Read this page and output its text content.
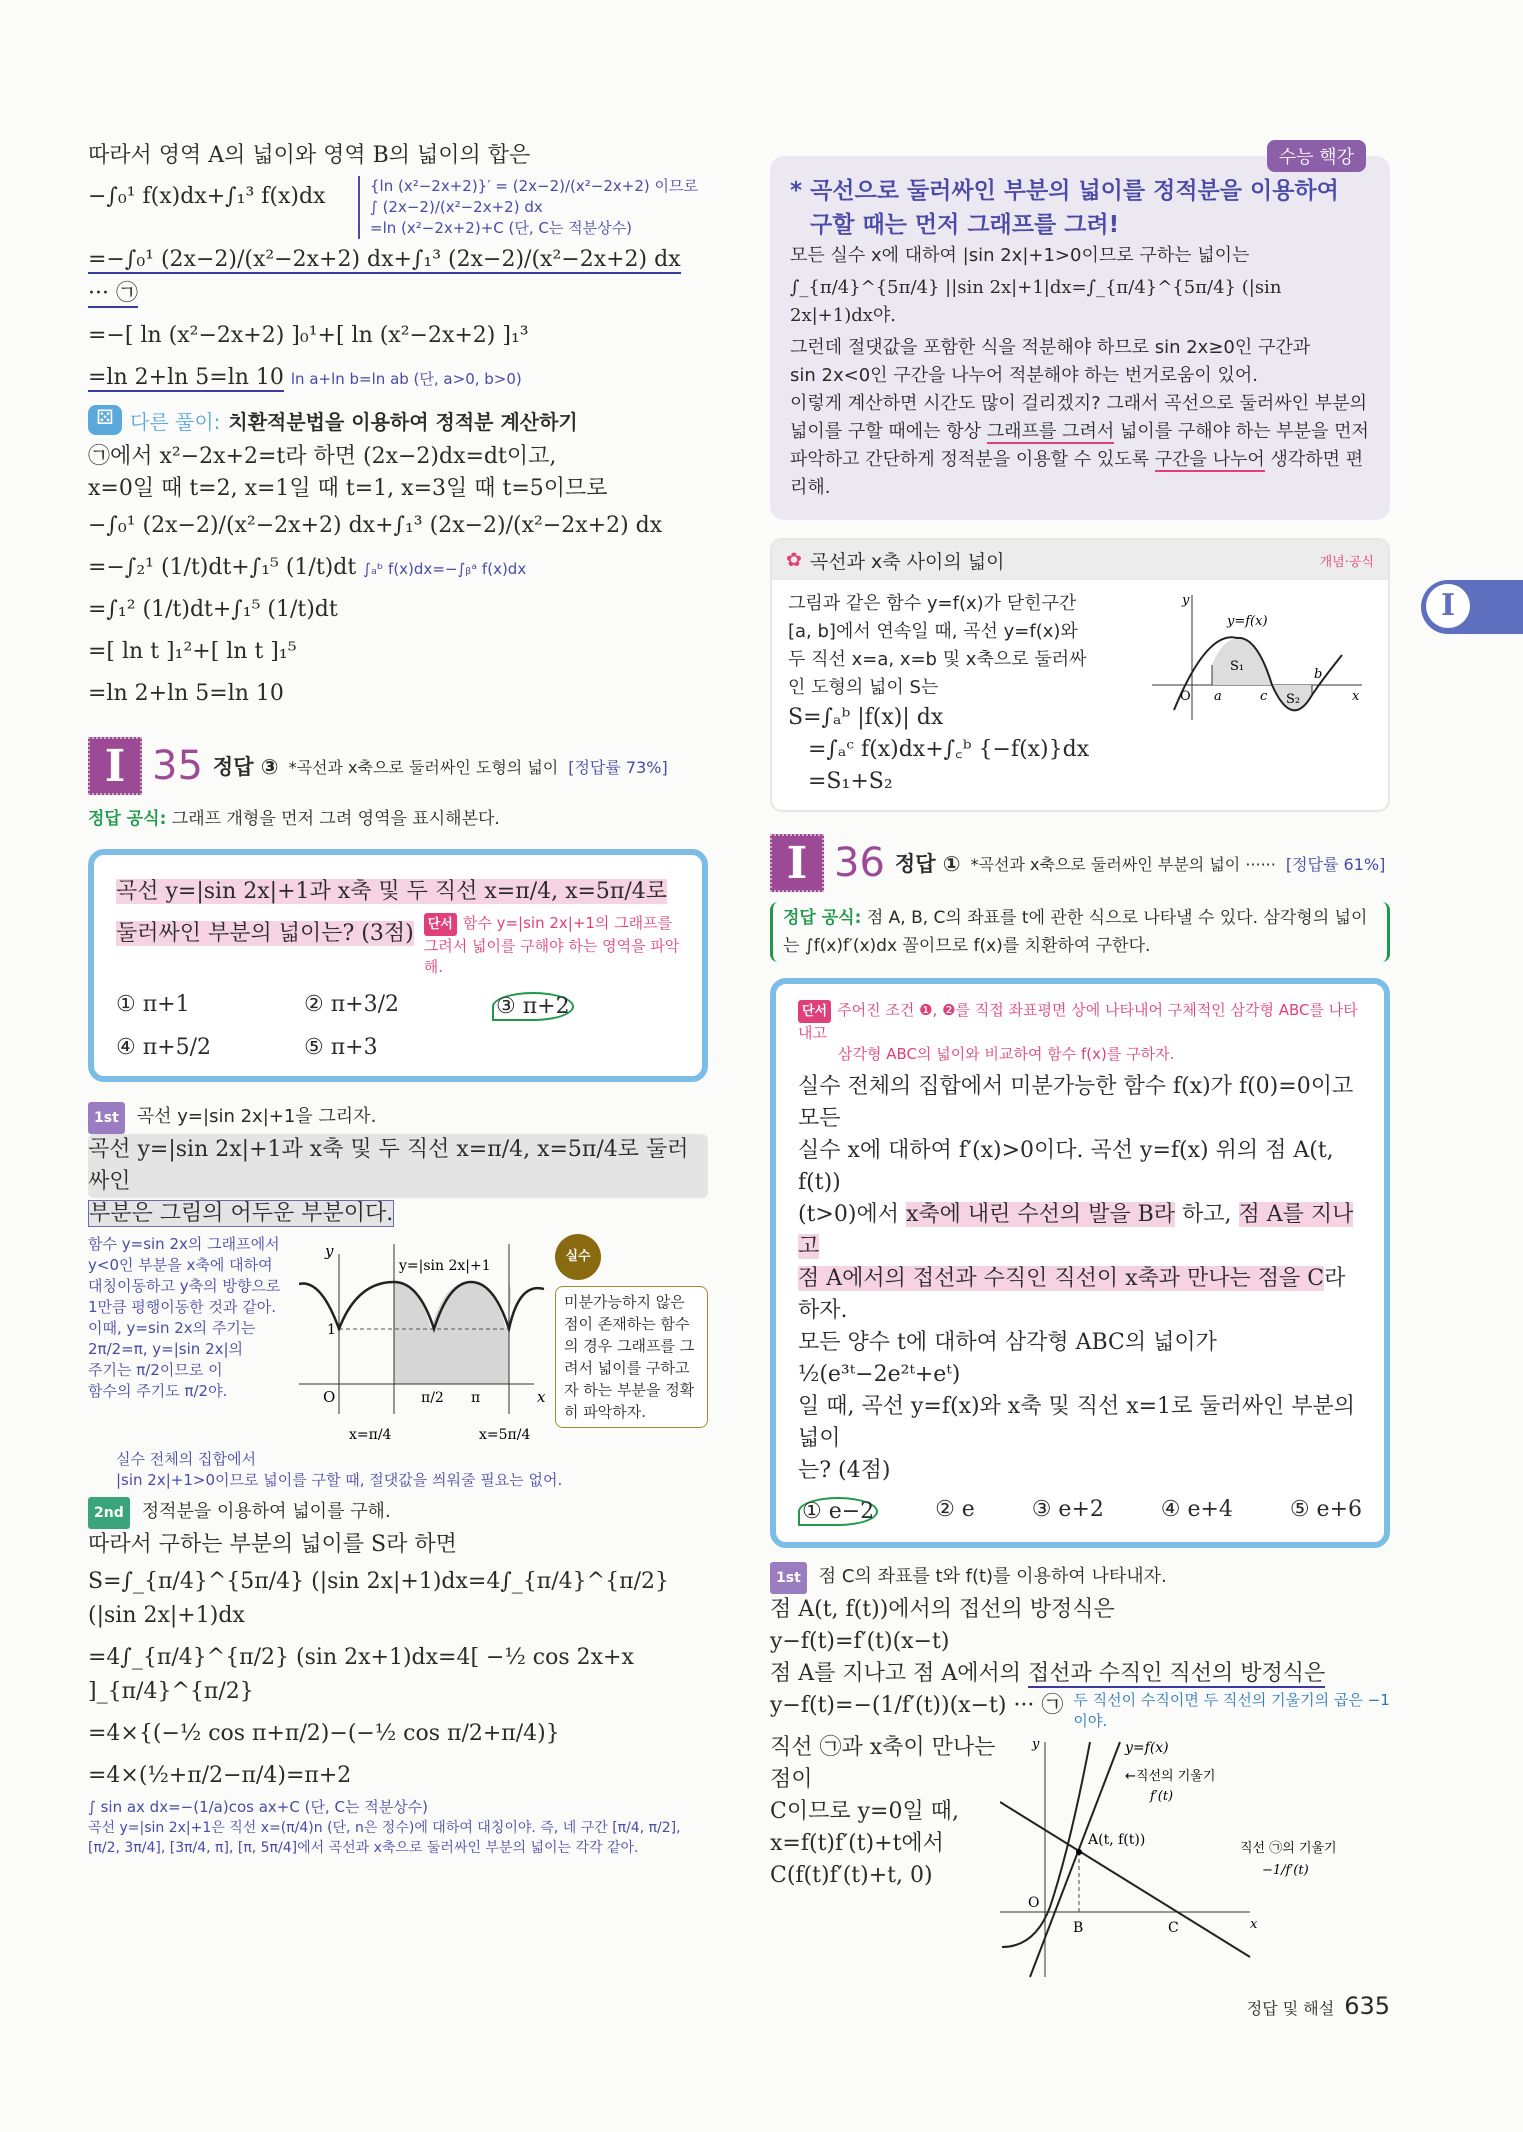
따라서 영역 A의 넓이와 영역 B의 넓이의 합은
−∫₀¹ f(x)dx+∫₁³ f(x)dx	{ln (x²−2x+2)}′ = (2x−2)/(x²−2x+2) 이므로
∫ (2x−2)/(x²−2x+2) dx
=ln (x²−2x+2)+C (단, C는 적분상수)
=−∫₀¹ (2x−2)/(x²−2x+2) dx+∫₁³ (2x−2)/(x²−2x+2) dx ··· ㉠
=−[ ln (x²−2x+2) ]₀¹+[ ln (x²−2x+2) ]₁³
=ln 2+ln 5=ln 10 ln a+ln b=ln ab (단, a>0, b>0)
⚄ 다른 풀이: 치환적분법을 이용하여 정적분 계산하기
㉠에서 x²−2x+2=t라 하면 (2x−2)dx=dt이고,
x=0일 때 t=2, x=1일 때 t=1, x=3일 때 t=5이므로
−∫₀¹ (2x−2)/(x²−2x+2) dx+∫₁³ (2x−2)/(x²−2x+2) dx
=−∫₂¹ (1/t)dt+∫₁⁵ (1/t)dt ∫ₐᵇ f(x)dx=−∫ᵦᵃ f(x)dx
=∫₁² (1/t)dt+∫₁⁵ (1/t)dt
=[ ln t ]₁²+[ ln t ]₁⁵
=ln 2+ln 5=ln 10
I 35 정답 ③ *곡선과 x축으로 둘러싸인 도형의 넓이 [정답률 73%]
정답 공식: 그래프 개형을 먼저 그려 영역을 표시해본다.
곡선 y=|sin 2x|+1과 x축 및 두 직선 x=π/4, x=5π/4로
둘러싸인 부분의 넓이는? (3점)	단서 함수 y=|sin 2x|+1의 그래프를 그려서 넓이를 구해야 하는 영역을 파악해.
① π+1	② π+3/2	③ π+2
④ π+5/2	⑤ π+3
1st 곡선 y=|sin 2x|+1을 그리자.
곡선 y=|sin 2x|+1과 x축 및 두 직선 x=π/4, x=5π/4로 둘러싸인
부분은 그림의 어두운 부분이다.
함수 y=sin 2x의 그래프에서
y<0인 부분을 x축에 대하여
대칭이동하고 y축의 방향으로
1만큼 평행이동한 것과 같아.
이때, y=sin 2x의 주기는
2π/2=π, y=|sin 2x|의
주기는 π/2이므로 이
함수의 주기도 π/2야.
y=|sin 2x|+1
y
x
O
1
π/2 π
x=π/4	x=5π/4
실수
미분가능하지 않은 점이 존재하는 함수의 경우 그래프를 그려서 넓이를 구하고자 하는 부분을 정확히 파악하자.
실수 전체의 집합에서
|sin 2x|+1>0이므로 넓이를 구할 때, 절댓값을 씌워줄 필요는 없어.
2nd 정적분을 이용하여 넓이를 구해.
따라서 구하는 부분의 넓이를 S라 하면
S=∫_{π/4}^{5π/4} (|sin 2x|+1)dx=4∫_{π/4}^{π/2} (|sin 2x|+1)dx
=4∫_{π/4}^{π/2} (sin 2x+1)dx=4[ −½ cos 2x+x ]_{π/4}^{π/2}
=4×{(−½ cos π+π/2)−(−½ cos π/2+π/4)}
=4×(½+π/2−π/4)=π+2
∫ sin ax dx=−(1/a)cos ax+C (단, C는 적분상수)
곡선 y=|sin 2x|+1은 직선 x=(π/4)n (단, n은 정수)에 대하여 대칭이야. 즉, 네 구간 [π/4, π/2], [π/2, 3π/4], [3π/4, π], [π, 5π/4]에서 곡선과 x축으로 둘러싸인 부분의 넓이는 각각 같아.
수능 핵강
* 곡선으로 둘러싸인 부분의 넓이를 정적분을 이용하여
구할 때는 먼저 그래프를 그려!
모든 실수 x에 대하여 |sin 2x|+1>0이므로 구하는 넓이는
∫_{π/4}^{5π/4} ||sin 2x|+1|dx=∫_{π/4}^{5π/4} (|sin 2x|+1)dx야.
그런데 절댓값을 포함한 식을 적분해야 하므로 sin 2x≥0인 구간과
sin 2x<0인 구간을 나누어 적분해야 하는 번거로움이 있어.
이렇게 계산하면 시간도 많이 걸리겠지? 그래서 곡선으로 둘러싸인 부분의
넓이를 구할 때에는 항상 그래프를 그려서 넓이를 구해야 하는 부분을 먼저
파악하고 간단하게 정적분을 이용할 수 있도록 구간을 나누어 생각하면 편리해.
✿ 곡선과 x축 사이의 넓이	개념·공식
그림과 같은 함수 y=f(x)가 닫힌구간
[a, b]에서 연속일 때, 곡선 y=f(x)와
두 직선 x=a, x=b 및 x축으로 둘러싸
인 도형의 넓이 S는
S=∫ₐᵇ |f(x)| dx
=∫ₐᶜ f(x)dx+∫꜀ᵇ {−f(x)}dx
=S₁+S₂
y
x
O a	c
b
S₁
S₂
y=f(x)
I 36 정답 ① *곡선과 x축으로 둘러싸인 부분의 넓이 ······ [정답률 61%]
정답 공식: 점 A, B, C의 좌표를 t에 관한 식으로 나타낼 수 있다. 삼각형의 넓이
는 ∫f(x)f′(x)dx 꼴이므로 f(x)를 치환하여 구한다.
단서 주어진 조건 ❶, ❷를 직접 좌표평면 상에 나타내어 구체적인 삼각형 ABC를 나타내고
삼각형 ABC의 넓이와 비교하여 함수 f(x)를 구하자.
실수 전체의 집합에서 미분가능한 함수 f(x)가 f(0)=0이고 모든
실수 x에 대하여 f′(x)>0이다. 곡선 y=f(x) 위의 점 A(t, f(t))
(t>0)에서 x축에 내린 수선의 발을 B라 하고, 점 A를 지나고
점 A에서의 접선과 수직인 직선이 x축과 만나는 점을 C라 하자.
모든 양수 t에 대하여 삼각형 ABC의 넓이가 ½(e³ᵗ−2e²ᵗ+eᵗ)
일 때, 곡선 y=f(x)와 x축 및 직선 x=1로 둘러싸인 부분의 넓이
는? (4점)
① e−2	② e	③ e+2	④ e+4	⑤ e+6
1st 점 C의 좌표를 t와 f(t)를 이용하여 나타내자.
점 A(t, f(t))에서의 접선의 방정식은
y−f(t)=f′(t)(x−t)
점 A를 지나고 점 A에서의 접선과 수직인 직선의 방정식은
y−f(t)=−(1/f′(t))(x−t) ··· ㉠ 두 직선이 수직이면 두 직선의 기울기의 곱은 −1이야.
직선 ㉠과 x축이 만나는 점이
C이므로 y=0일 때,
x=f(t)f′(t)+t에서
C(f(t)f′(t)+t, 0)
y	y=f(x)
x
O
B	C
A(t, f(t))
←직선의 기울기
f′(t)
직선 ㉠의 기울기
−1/f′(t)
정답 및 해설 635
I
